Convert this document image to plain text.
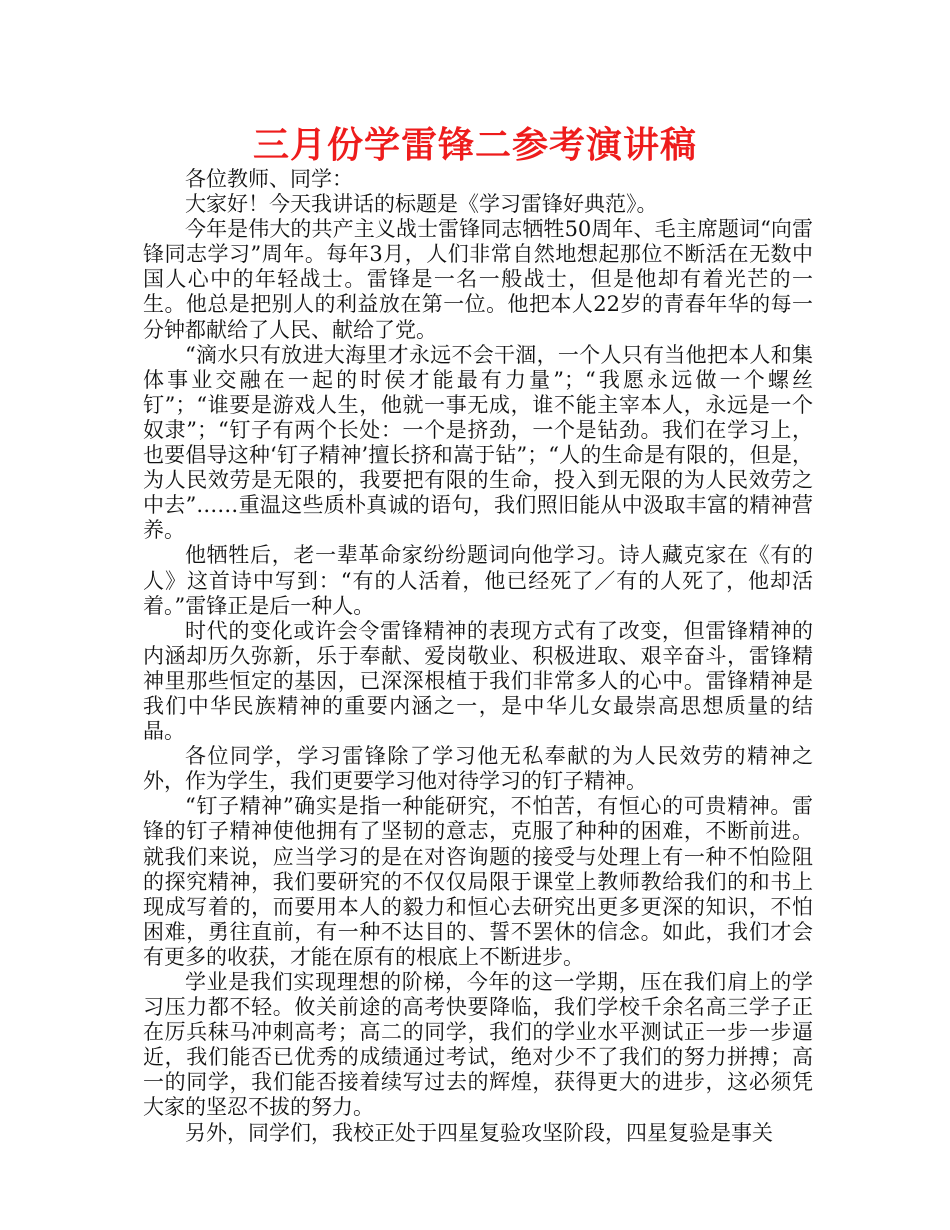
三月份学雷锋二参考演讲稿

各位教师、同学：

大家好！今天我讲话的标题是《学习雷锋好典范》。

今年是伟大的共产主义战士雷锋同志牺牲50周年、毛主席题词“向雷锋同志学习”周年。每年3月，人们非常自然地想起那位不断活在无数中国人心中的年轻战士。雷锋是一名一般战士，但是他却有着光芒的一生。他总是把别人的利益放在第一位。他把本人22岁的青春年华的每一分钟都献给了人民、献给了党。

“滴水只有放进大海里才永远不会干涸，一个人只有当他把本人和集体事业交融在一起的时侯才能最有力量”；“我愿永远做一个螺丝钉”；“谁要是游戏人生，他就一事无成，谁不能主宰本人，永远是一个奴隶”；“钉子有两个长处：一个是挤劲，一个是钻劲。我们在学习上，也要倡导这种‘钉子精神’擅长挤和嵩于钻”；“人的生命是有限的，但是，为人民效劳是无限的，我要把有限的生命，投入到无限的为人民效劳之中去”……重温这些质朴真诚的语句，我们照旧能从中汲取丰富的精神营养。

他牺牲后，老一辈革命家纷纷题词向他学习。诗人藏克家在《有的人》这首诗中写到：“有的人活着，他已经死了／有的人死了，他却活着。”雷锋正是后一种人。

时代的变化或许会令雷锋精神的表现方式有了改变，但雷锋精神的内涵却历久弥新，乐于奉献、爱岗敬业、积极进取、艰辛奋斗，雷锋精神里那些恒定的基因，已深深根植于我们非常多人的心中。雷锋精神是我们中华民族精神的重要内涵之一，是中华儿女最崇高思想质量的结晶。

各位同学，学习雷锋除了学习他无私奉献的为人民效劳的精神之外，作为学生，我们更要学习他对待学习的钉子精神。

“钉子精神”确实是指一种能研究，不怕苦，有恒心的可贵精神。雷锋的钉子精神使他拥有了坚韧的意志，克服了种种的困难，不断前进。就我们来说，应当学习的是在对咨询题的接受与处理上有一种不怕险阻的探究精神，我们要研究的不仅仅局限于课堂上教师教给我们的和书上现成写着的，而要用本人的毅力和恒心去研究出更多更深的知识，不怕困难，勇往直前，有一种不达目的、誓不罢休的信念。如此，我们才会有更多的收获，才能在原有的根底上不断进步。

学业是我们实现理想的阶梯，今年的这一学期，压在我们肩上的学习压力都不轻。攸关前途的高考快要降临，我们学校千余名高三学子正在厉兵秣马冲刺高考；高二的同学，我们的学业水平测试正一步一步逼近，我们能否已优秀的成绩通过考试，绝对少不了我们的努力拼搏；高一的同学，我们能否接着续写过去的辉煌，获得更大的进步，这必须凭大家的坚忍不拔的努力。

另外，同学们，我校正处于四星复验攻坚阶段，四星复验是事关
